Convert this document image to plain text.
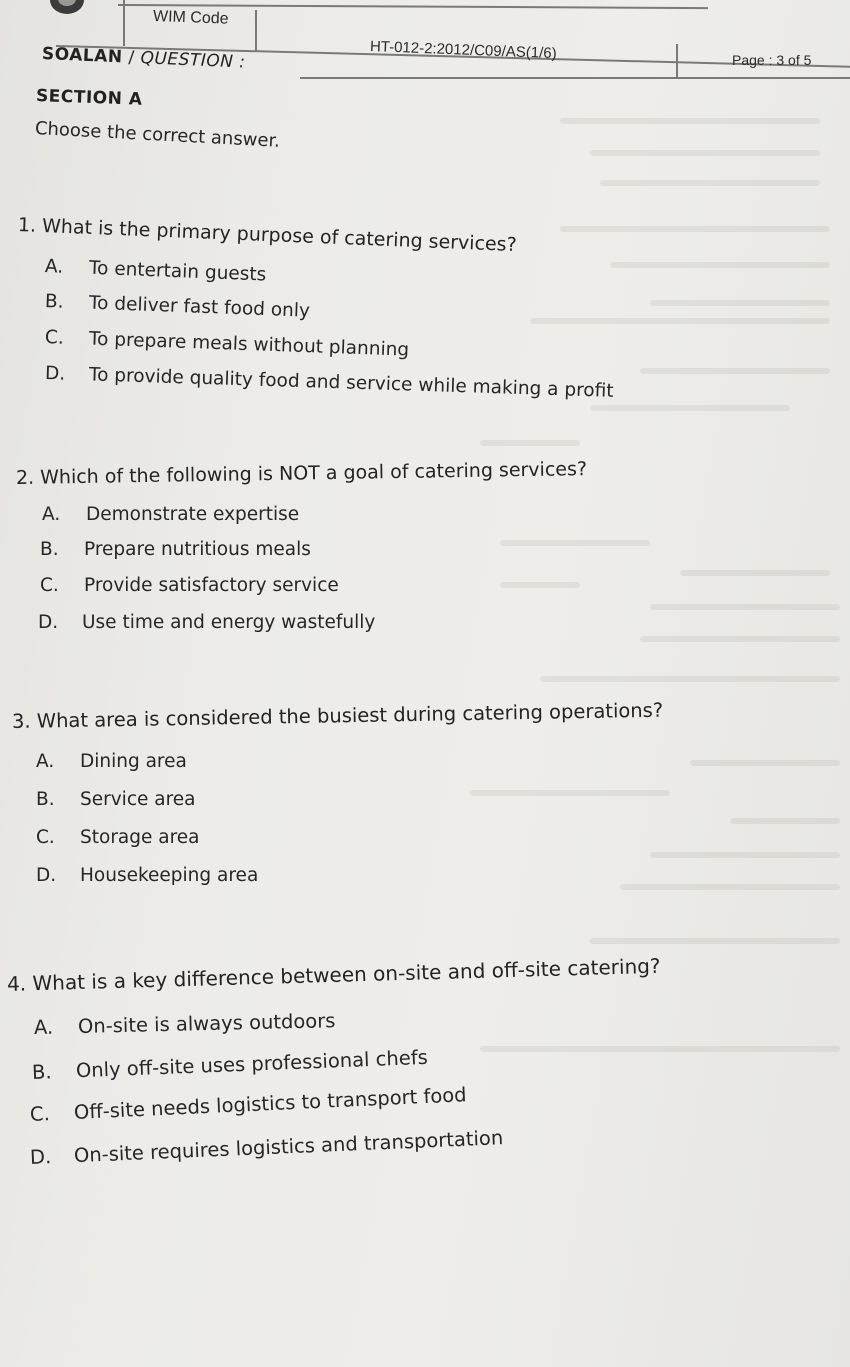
WIM Code
HT-012-2:2012/C09/AS(1/6)	Page : 3 of 5
SOALAN / QUESTION :
SECTION A
Choose the correct answer.
1. What is the primary purpose of catering services?
A. To entertain guests
B. To deliver fast food only
C. To prepare meals without planning
D. To provide quality food and service while making a profit
2. Which of the following is NOT a goal of catering services?
A. Demonstrate expertise
B. Prepare nutritious meals
C. Provide satisfactory service
D. Use time and energy wastefully
3. What area is considered the busiest during catering operations?
A. Dining area
B. Service area
C. Storage area
D. Housekeeping area
4. What is a key difference between on-site and off-site catering?
A. On-site is always outdoors
B. Only off-site uses professional chefs
C. Off-site needs logistics to transport food
D. On-site requires logistics and transportation
